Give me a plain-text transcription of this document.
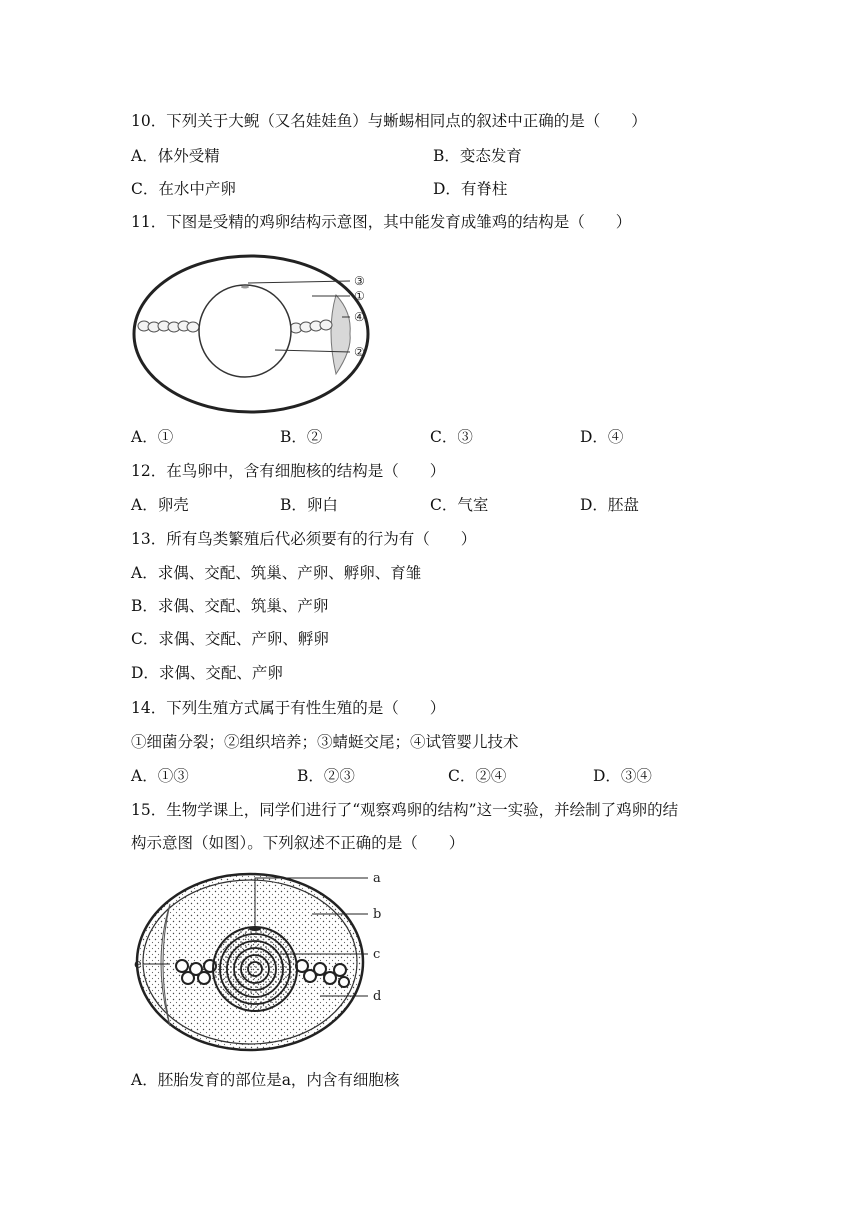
10．下列关于大鲵（又名娃娃鱼）与蜥蜴相同点的叙述中正确的是（　　）
A．体外受精	B．变态发育
C．在水中产卵	D．有脊柱
11．下图是受精的鸡卵结构示意图，其中能发育成雏鸡的结构是（　　）
③
①
④
②
A．①	B．②	C．③	D．④
12．在鸟卵中，含有细胞核的结构是（　　）
A．卵壳	B．卵白	C．气室	D．胚盘
13．所有鸟类繁殖后代必须要有的行为有（　　）
A．求偶、交配、筑巢、产卵、孵卵、育雏
B．求偶、交配、筑巢、产卵
C．求偶、交配、产卵、孵卵
D．求偶、交配、产卵
14．下列生殖方式属于有性生殖的是（　　）
①细菌分裂；②组织培养；③蜻蜓交尾；④试管婴儿技术
A．①③	B．②③	C．②④	D．③④
15．生物学课上，同学们进行了“观察鸡卵的结构”这一实验，并绘制了鸡卵的结
构示意图（如图）。下列叙述不正确的是（　　）
a
b
c
d
e
A．胚胎发育的部位是a，内含有细胞核
